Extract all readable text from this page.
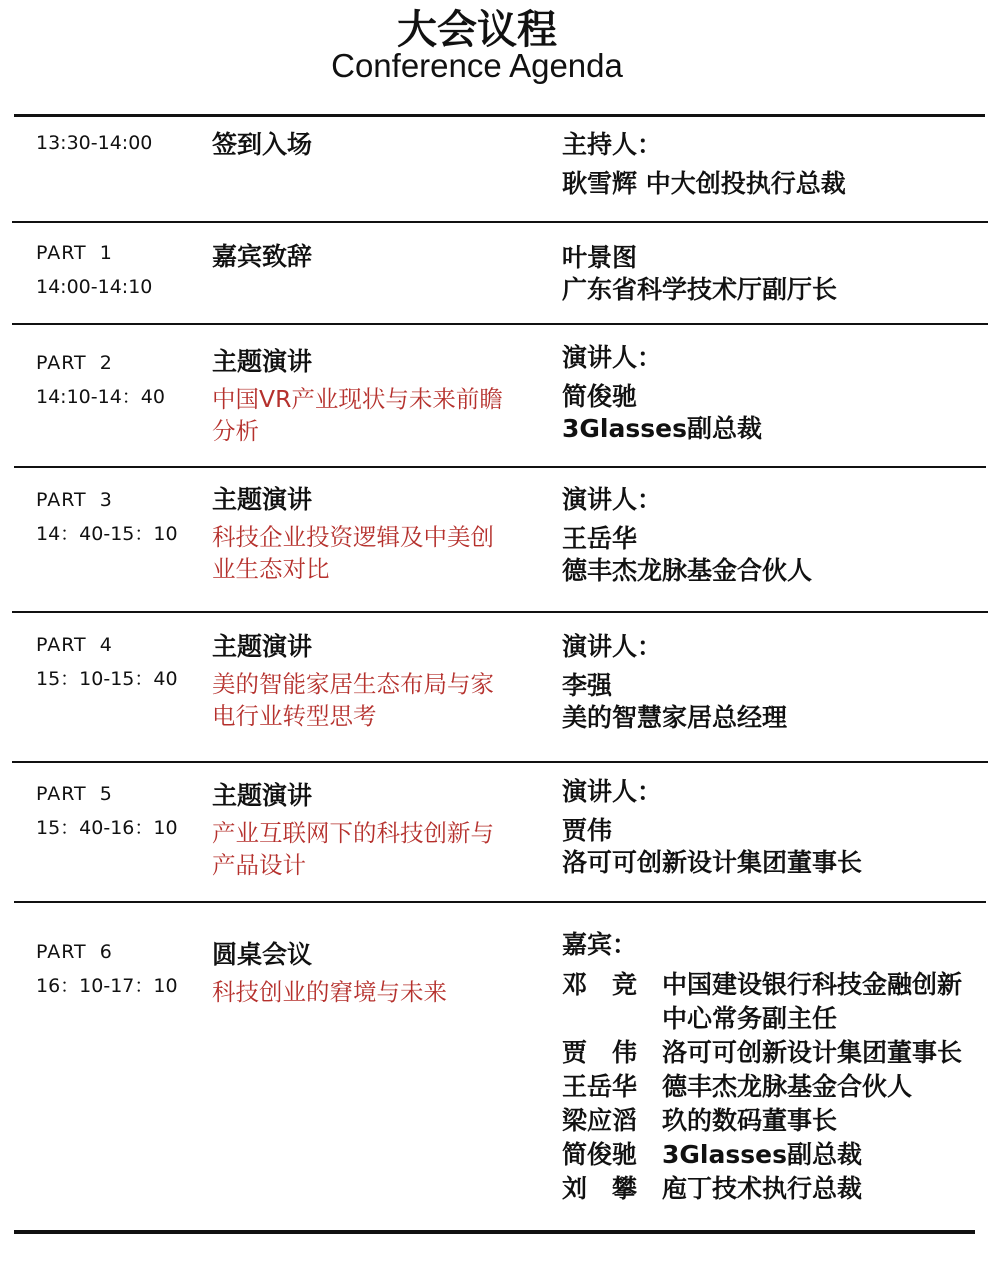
大会议程
Conference Agenda
13:30-14:00 签到入场	主持人：
耿雪辉 中大创投执行总裁
PART 1
14:00-14:10
嘉宾致辞	叶景图
广东省科学技术厅副厅长
PART 2
14:10-14：40
主题演讲
中国VR产业现状与未来前瞻
分析
演讲人：
简俊驰
3Glasses副总裁
PART 3
14：40-15：10
主题演讲
科技企业投资逻辑及中美创
业生态对比
演讲人：
王岳华
德丰杰龙脉基金合伙人
PART 4
15：10-15：40
主题演讲
美的智能家居生态布局与家
电行业转型思考
演讲人：
李强
美的智慧家居总经理
PART 5
15：40-16：10
主题演讲
产业互联网下的科技创新与
产品设计
演讲人：
贾伟
洛可可创新设计集团董事长
PART 6
16：10-17：10
圆桌会议
科技创业的窘境与未来
嘉宾：
邓　竞 中国建设银行科技金融创新
中心常务副主任
贾　伟 洛可可创新设计集团董事长
王岳华 德丰杰龙脉基金合伙人
梁应滔 玖的数码董事长
简俊驰 3Glasses副总裁
刘　攀 庖丁技术执行总裁
